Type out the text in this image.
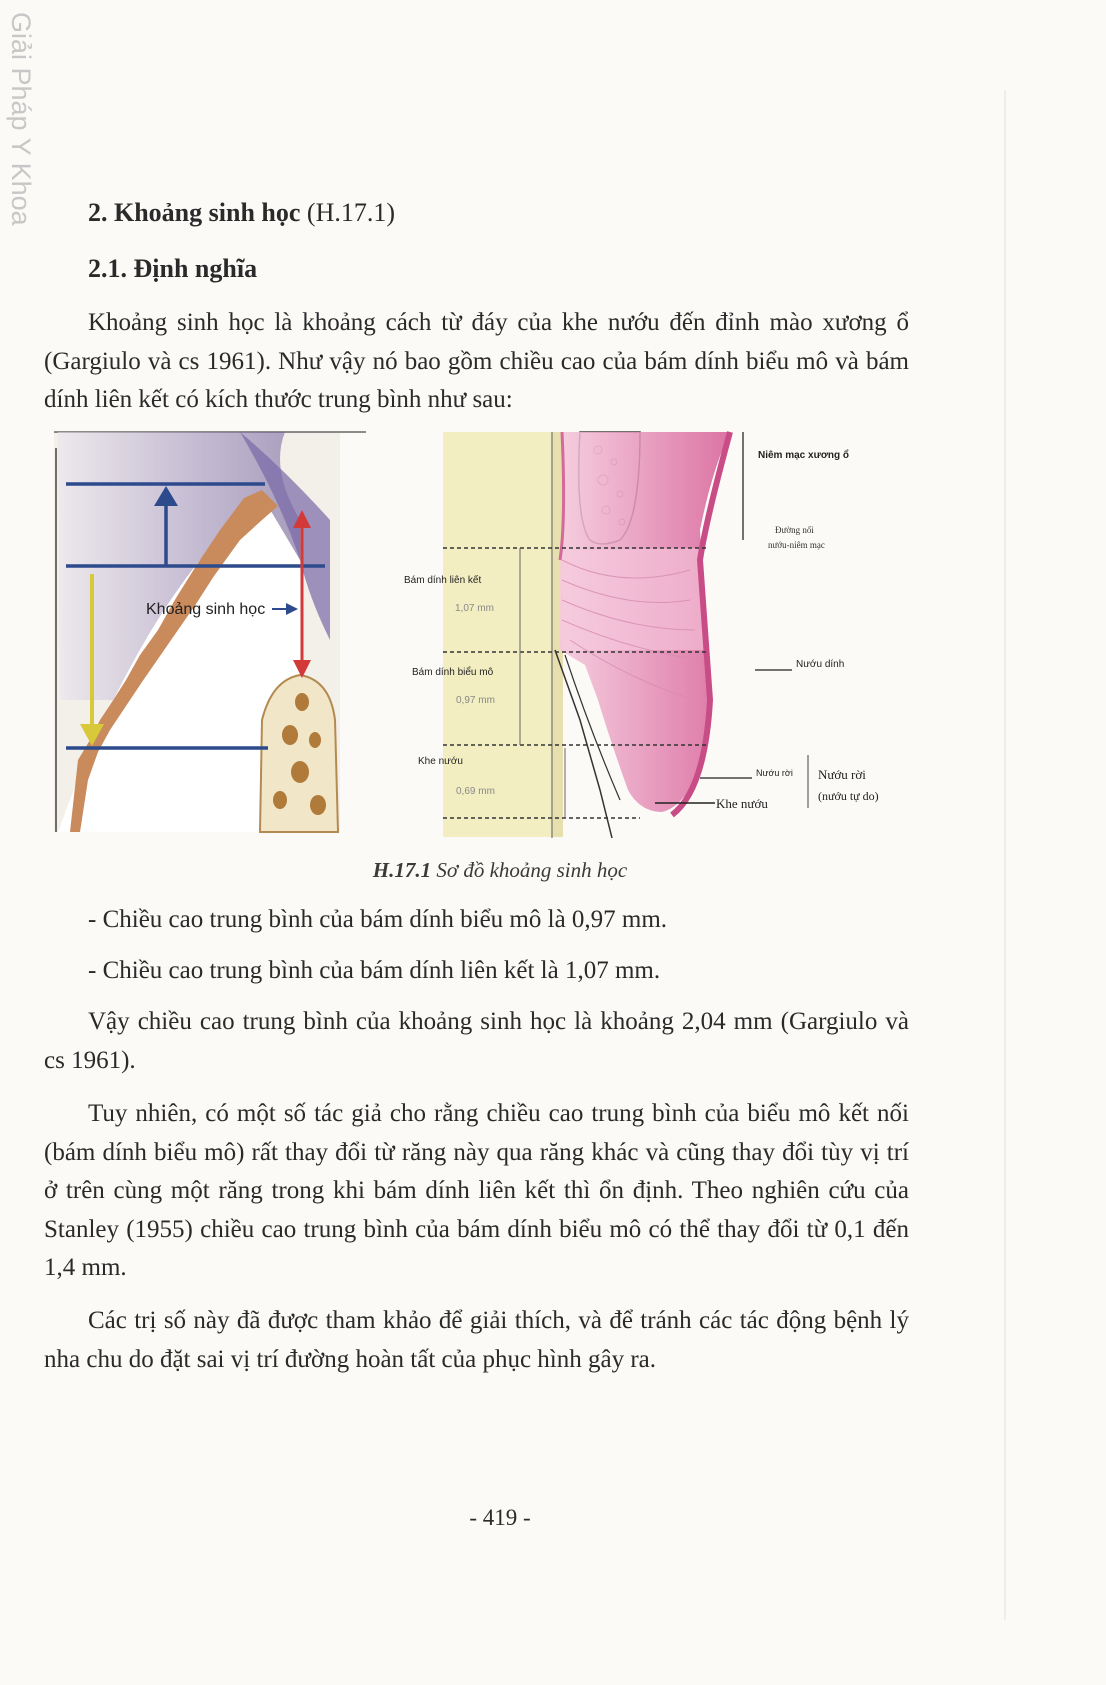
Giải Pháp Y Khoa 2. Khoảng sinh học (H.17.1)
2.1. Định nghĩa

Khoảng sinh học là khoảng cách từ đáy của khe nướu đến đỉnh mào xương ổ (Gargiulo và cs 1961). Như vậy nó bao gồm chiều cao của bám dính biểu mô và bám dính liên kết có kích thước trung bình như sau:

Khoảng sinh học
Bám dính liên kết
1,07 mm
Bám dính biểu mô
0,97 mm
Khe nướu
0,69 mm
Niêm mạc xương ổ
Đường nối
nướu-niêm mạc
Nướu dính
Nướu rời
Khe nướu
Nướu rời
(nướu tự do)
H.17.1 Sơ đồ khoảng sinh học
- Chiều cao trung bình của bám dính biểu mô là 0,97 mm.
- Chiều cao trung bình của bám dính liên kết là 1,07 mm.

Vậy chiều cao trung bình của khoảng sinh học là khoảng 2,04 mm (Gargiulo và cs 1961).

Tuy nhiên, có một số tác giả cho rằng chiều cao trung bình của biểu mô kết nối (bám dính biểu mô) rất thay đổi từ răng này qua răng khác và cũng thay đổi tùy vị trí ở trên cùng một răng trong khi bám dính liên kết thì ổn định. Theo nghiên cứu của Stanley (1955) chiều cao trung bình của bám dính biểu mô có thể thay đổi từ 0,1 đến 1,4 mm.

Các trị số này đã được tham khảo để giải thích, và để tránh các tác động bệnh lý nha chu do đặt sai vị trí đường hoàn tất của phục hình gây ra.

- 419 -
